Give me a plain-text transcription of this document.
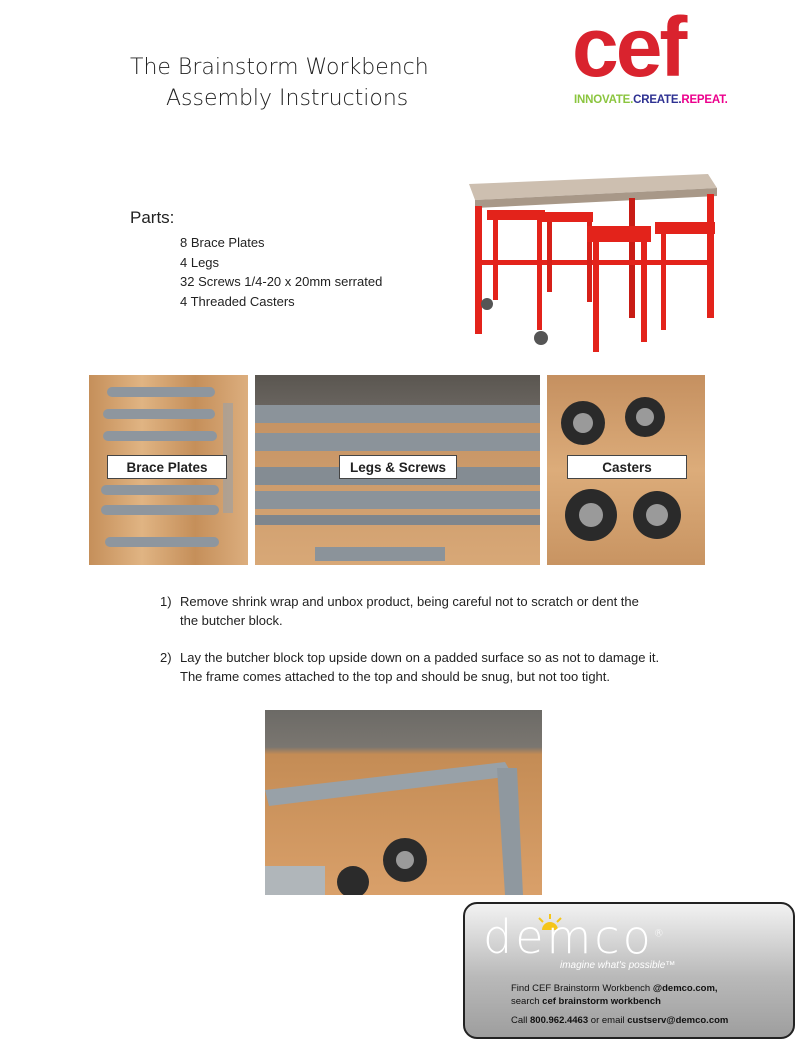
The Brainstorm Workbench
Assembly Instructions
cef
INNOVATE.CREATE.REPEAT.
Parts:
8 Brace Plates
4 Legs
32 Screws 1/4-20 x 20mm serrated
4 Threaded Casters
Brace Plates	Legs & Screws	Casters
1) Remove shrink wrap and unbox product, being careful not to scratch or dent the
the butcher block.
2) Lay the butcher block top upside down on a padded surface so as not to damage it.
The frame comes attached to the top and should be snug, but not too tight.
demco®
imagine what's possible™
Find CEF Brainstorm Workbench @demco.com,
search cef brainstorm workbench
Call 800.962.4463 or email custserv@demco.com
